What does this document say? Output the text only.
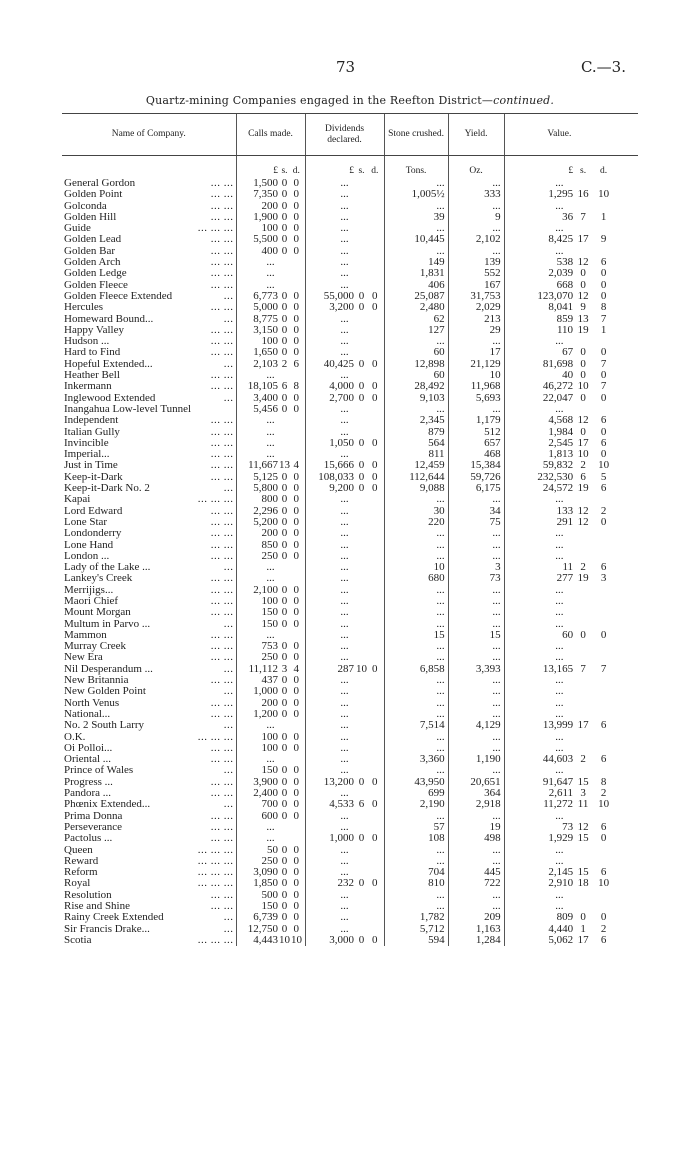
73	C.—3.
Quartz-mining Companies engaged in the Reefton District—continued.
Name of Company.	Calls made.			Dividends declared.			Stone crushed.	Yield.	Value.			
	£	s.	d.	£	s.	d.	Tons.	Oz.	£	s.	d.	
General Gordon ... ...	1,500	0	0	...			...	...	...			
Golden Point ... ...	7,350	0	0	...			1,005½	333	1,295	16	10	
Golconda ... ...	200	0	0	...			...	...	...			
Golden Hill ... ...	1,900	0	0	...			39	9	36	7	1	
Guide ... ... ...	100	0	0	...			...	...	...			
Golden Lead ... ...	5,500	0	0	...			10,445	2,102	8,425	17	9	
Golden Bar ... ...	400	0	0	...			...	...	...			
Golden Arch ... ...	...			...			149	139	538	12	6	
Golden Ledge ... ...	...			...			1,831	552	2,039	0	0	
Golden Fleece ... ...	...			...			406	167	668	0	0	
Golden Fleece Extended ...	6,773	0	0	55,000	0	0	25,087	31,753	123,070	12	0	
Hercules ... ...	5,000	0	0	3,200	0	0	2,480	2,029	8,041	9	8	
Homeward Bound... ...	8,775	0	0	...			62	213	859	13	7	
Happy Valley ... ...	3,150	0	0	...			127	29	110	19	1	
Hudson ... ... ...	100	0	0	...			...	...	...			
Hard to Find ... ...	1,650	0	0	...			60	17	67	0	0	
Hopeful Extended... ...	2,103	2	6	40,425	0	0	12,898	21,129	81,698	0	7	
Heather Bell ... ...	...			...			60	10	40	0	0	
Inkermann ... ...	18,105	6	8	4,000	0	0	28,492	11,968	46,272	10	7	
Inglewood Extended ...	3,400	0	0	2,700	0	0	9,103	5,693	22,047	0	0	
Inangahua Low-level Tunnel	5,456	0	0	...			...	...	...			
Independent ... ...	...			...			2,345	1,179	4,568	12	6	
Italian Gully ... ...	...			...			879	512	1,984	0	0	
Invincible ... ...	...			1,050	0	0	564	657	2,545	17	6	
Imperial... ... ...	...			...			811	468	1,813	10	0	
Just in Time ... ...	11,667	13	4	15,666	0	0	12,459	15,384	59,832	2	10	
Keep-it-Dark ... ...	5,125	0	0	108,033	0	0	112,644	59,726	232,530	6	5	
Keep-it-Dark No. 2 ...	5,800	0	0	9,200	0	0	9,088	6,175	24,572	19	6	
Kapai ... ... ...	800	0	0	...			...	...	...			
Lord Edward ... ...	2,296	0	0	...			30	34	133	12	2	
Lone Star ... ...	5,200	0	0	...			220	75	291	12	0	
Londonderry ... ...	200	0	0	...			...	...	...			
Lone Hand ... ...	850	0	0	...			...	...	...			
London ... ... ...	250	0	0	...			...	...	...			
Lady of the Lake ... ...	...			...			10	3	11	2	6	
Lankey's Creek ... ...	...			...			680	73	277	19	3	
Merrijigs... ... ...	2,100	0	0	...			...	...	...			
Maori Chief ... ...	100	0	0	...			...	...	...			
Mount Morgan ... ...	150	0	0	...			...	...	...			
Multum in Parvo ... ...	150	0	0	...			...	...	...			
Mammon ... ...	...			...			15	15	60	0	0	
Murray Creek ... ...	753	0	0	...			...	...	...			
New Era ... ...	250	0	0	...			...	...	...			
Nil Desperandum ... ...	11,112	3	4	287	10	0	6,858	3,393	13,165	7	7	
New Britannia ... ...	437	0	0	...			...	...	...			
New Golden Point ...	1,000	0	0	...			...	...	...			
North Venus ... ...	200	0	0	...			...	...	...			
National... ... ...	1,200	0	0	...			...	...	...			
No. 2 South Larry ...	...			...			7,514	4,129	13,999	17	6	
O.K. ... ... ...	100	0	0	...			...	...	...			
Oi Polloi... ... ...	100	0	0	...			...	...	...			
Oriental ... ... ...	...			...			3,360	1,190	44,603	2	6	
Prince of Wales ...	150	0	0	...			...	...	...			
Progress ... ... ...	3,900	0	0	13,200	0	0	43,950	20,651	91,647	15	8	
Pandora ... ... ...	2,400	0	0	...			699	364	2,611	3	2	
Phœnix Extended... ...	700	0	0	4,533	6	0	2,190	2,918	11,272	11	10	
Prima Donna ... ...	600	0	0	...			...	...	...			
Perseverance ... ...	...			...			57	19	73	12	6	
Pactolus ... ... ...	...			1,000	0	0	108	498	1,929	15	0	
Queen ... ... ...	50	0	0	...			...	...	...			
Reward ... ... ...	250	0	0	...			...	...	...			
Reform ... ... ...	3,090	0	0	...			704	445	2,145	15	6	
Royal ... ... ...	1,850	0	0	232	0	0	810	722	2,910	18	10	
Resolution ... ...	500	0	0	...			...	...	...			
Rise and Shine ... ...	150	0	0	...			...	...	...			
Rainy Creek Extended ...	6,739	0	0	...			1,782	209	809	0	0	
Sir Francis Drake... ...	12,750	0	0	...			5,712	1,163	4,440	1	2	
Scotia ... ... ...	4,443	10	10	3,000	0	0	594	1,284	5,062	17	6	
